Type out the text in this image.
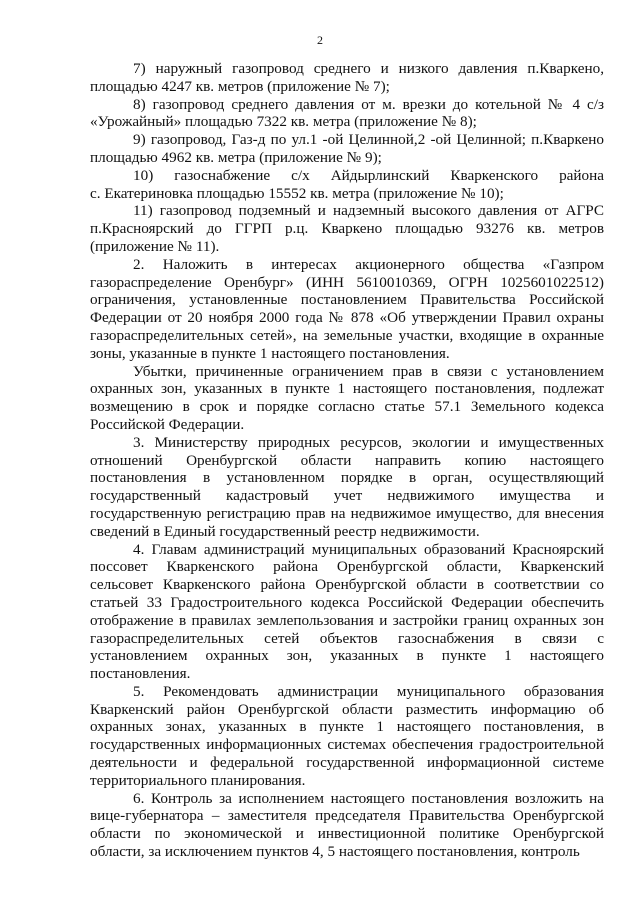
2
7) наружный газопровод среднего и низкого давления п.Кваркено,
площадью 4247 кв. метров (приложение № 7);
8) газопровод среднего давления от м. врезки до котельной № 4 с/з
«Урожайный» площадью 7322 кв. метра (приложение № 8);
9) газопровод, Газ-д по ул.1 -ой Целинной,2 -ой Целинной; п.Кваркено
площадью 4962 кв. метра (приложение № 9);
10) газоснабжение с/х Айдырлинский Кваркенского района
с. Екатериновка площадью 15552 кв. метра (приложение № 10);
11) газопровод подземный и надземный высокого давления от АГРС
п.Красноярский до ГГРП р.ц. Кваркено площадью 93276 кв. метров
(приложение № 11).
2. Наложить в интересах акционерного общества «Газпром
газораспределение Оренбург» (ИНН 5610010369, ОГРН 1025601022512)
ограничения, установленные постановлением Правительства Российской
Федерации от 20 ноября 2000 года № 878 «Об утверждении Правил охраны
газораспределительных сетей», на земельные участки, входящие в охранные
зоны, указанные в пункте 1 настоящего постановления.
Убытки, причиненные ограничением прав в связи с установлением
охранных зон, указанных в пункте 1 настоящего постановления, подлежат
возмещению в срок и порядке согласно статье 57.1 Земельного кодекса
Российской Федерации.
3. Министерству природных ресурсов, экологии и имущественных
отношений Оренбургской области направить копию настоящего
постановления в установленном порядке в орган, осуществляющий
государственный кадастровый учет недвижимого имущества и
государственную регистрацию прав на недвижимое имущество, для внесения
сведений в Единый государственный реестр недвижимости.
4. Главам администраций муниципальных образований Красноярский
поссовет Кваркенского района Оренбургской области, Кваркенский
сельсовет Кваркенского района Оренбургской области в соответствии со
статьей 33 Градостроительного кодекса Российской Федерации обеспечить
отображение в правилах землепользования и застройки границ охранных зон
газораспределительных сетей объектов газоснабжения в связи с
установлением охранных зон, указанных в пункте 1 настоящего
постановления.
5. Рекомендовать администрации муниципального образования
Кваркенский район Оренбургской области разместить информацию об
охранных зонах, указанных в пункте 1 настоящего постановления, в
государственных информационных системах обеспечения градостроительной
деятельности и федеральной государственной информационной системе
территориального планирования.
6. Контроль за исполнением настоящего постановления возложить на
вице-губернатора – заместителя председателя Правительства Оренбургской
области по экономической и инвестиционной политике Оренбургской
области, за исключением пунктов 4, 5 настоящего постановления, контроль
